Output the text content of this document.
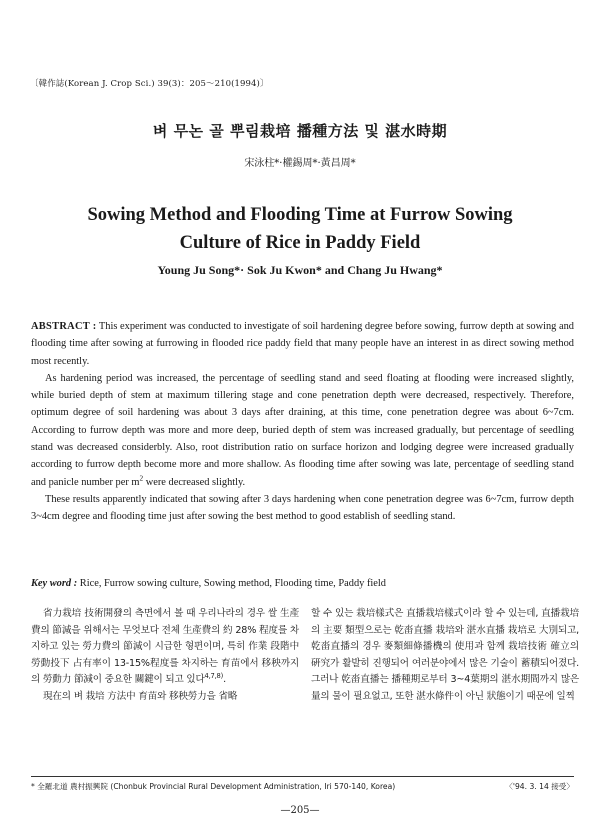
〔韓作誌(Korean J. Crop Sci.) 39(3)：205～210(1994)〕
벼 무논 골 뿌림栽培 播種方法 및 湛水時期
宋泳柱*·權錫周*·黃昌周*
Sowing Method and Flooding Time at Furrow Sowing
Culture of Rice in Paddy Field
Young Ju Song*· Sok Ju Kwon* and Chang Ju Hwang*

ABSTRACT : This experiment was conducted to investigate of soil hardening degree before sowing, furrow depth at sowing and flooding time after sowing at furrowing in flooded rice paddy field that many people have an interest in as direct sowing method most recently.

As hardening period was increased, the percentage of seedling stand and seed floating at flooding were increased slightly, while buried depth of stem at maximum tillering stage and cone penetration depth were decreased, respectively. Therefore, optimum degree of soil hardening was about 3 days after draining, at this time, cone penetration degree was about 6~7cm. According to furrow depth was more and more deep, buried depth of stem was increased gradually, but percentage of seedling stand was decreased considerbly. Also, root distribution ratio on surface horizon and lodging degree were increased gradually according to furrow depth become more and more shallow. As flooding time after sowing was late, percentage of seedling stand and panicle number per $m^2$ were decreased slightly.

These results apparently indicated that sowing after 3 days hardening when cone penetration degree was 6~7cm, furrow depth 3~4cm degree and flooding time just after sowing the best method to good establish of seedling stand.

Key word : Rice, Furrow sowing culture, Sowing method, Flooding time, Paddy field

省力栽培 技術開發의 측면에서 볼 때 우리나라의 경우 쌀 生產費의 節減을 위해서는 무엇보다 전체 生產費의 約 28% 程度를 차지하고 있는 勞力費의 節減이 시급한 형편이며, 특히 作業 段階中 勞動投下 占有率이 13-15%程度를 차지하는 育苗에서 移秧까지의 勞動力 節減이 중요한 關鍵이 되고 있다$^{4,7,8)}$.

現在의 벼 栽培 方法中 育苗와 移秧勞力을 省略

할 수 있는 栽培樣式은 直播栽培樣式이라 할 수 있는데, 直播栽培의 主要 類型으로는 乾畓直播 栽培와 湛水直播 栽培로 大別되고, 乾畓直播의 경우 麥類細條播機의 使用과 함께 栽培技術 確立의 硏究가 활발히 진행되어 여러분야에서 많은 기술이 蓄積되어졌다. 그러나 乾畓直播는 播種期로부터 3~4葉期의 湛水期間까지 많은 量의 물이 필요없고, 또한 湛水條件이 아닌 狀態이기 때문에 일찍

* 全羅北道 農村振興院 (Chonbuk Provincial Rural Development Administration, Iri 570-140, Korea)	〈'94. 3. 14 接受〉
—205—
